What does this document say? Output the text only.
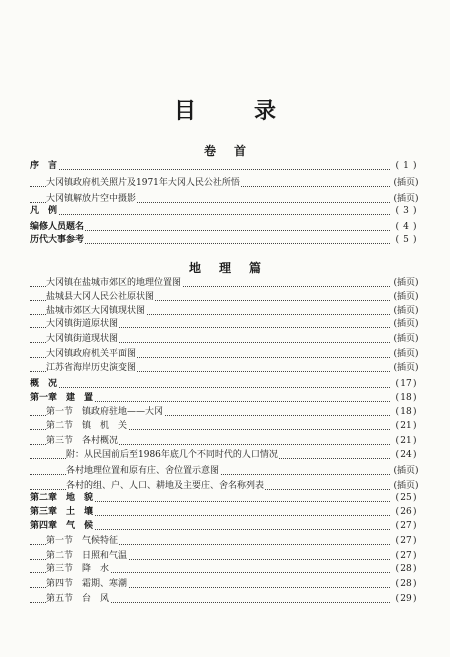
目录
卷首
地理篇
序　言	( 1 )
大冈镇政府机关照片及1971年大冈人民公社所悟	( 插页 )
大冈镇解放片空中摄影	( 插页 )
凡　例	( 3 )
编修人员题名	( 4 )
历代大事参考	( 5 )
大冈镇在盐城市郊区的地理位置图	( 插页 )
盐城县大冈人民公社原状图	( 插页 )
盐城市郊区大冈镇现状图	( 插页 )
大冈镇街道原状图	( 插页 )
大冈镇街道现状图	( 插页 )
大冈镇政府机关平面图	( 插页 )
江苏省海岸历史演变图	( 插页 )
概　况	( 17 )
第一章　建　置	( 18 )
第一节　镇政府驻地——大冈	( 18 )
第二节　镇　机　关	( 21 )
第三节　各村概况	( 21 )
附：从民国前后至1986年底几个不同时代的人口情况	( 24 )
各村地理位置和原有庄、舍位置示意图	( 插页 )
各村的组、户、人口、耕地及主要庄、舍名称列表	( 插页 )
第二章　地　貌	( 25 )
第三章　土　壤	( 26 )
第四章　气　候	( 27 )
第一节　气候特征	( 27 )
第二节　日照和气温	( 27 )
第三节　降　水	( 28 )
第四节　霜期、寒潮	( 28 )
第五节　台　风	( 29 )
